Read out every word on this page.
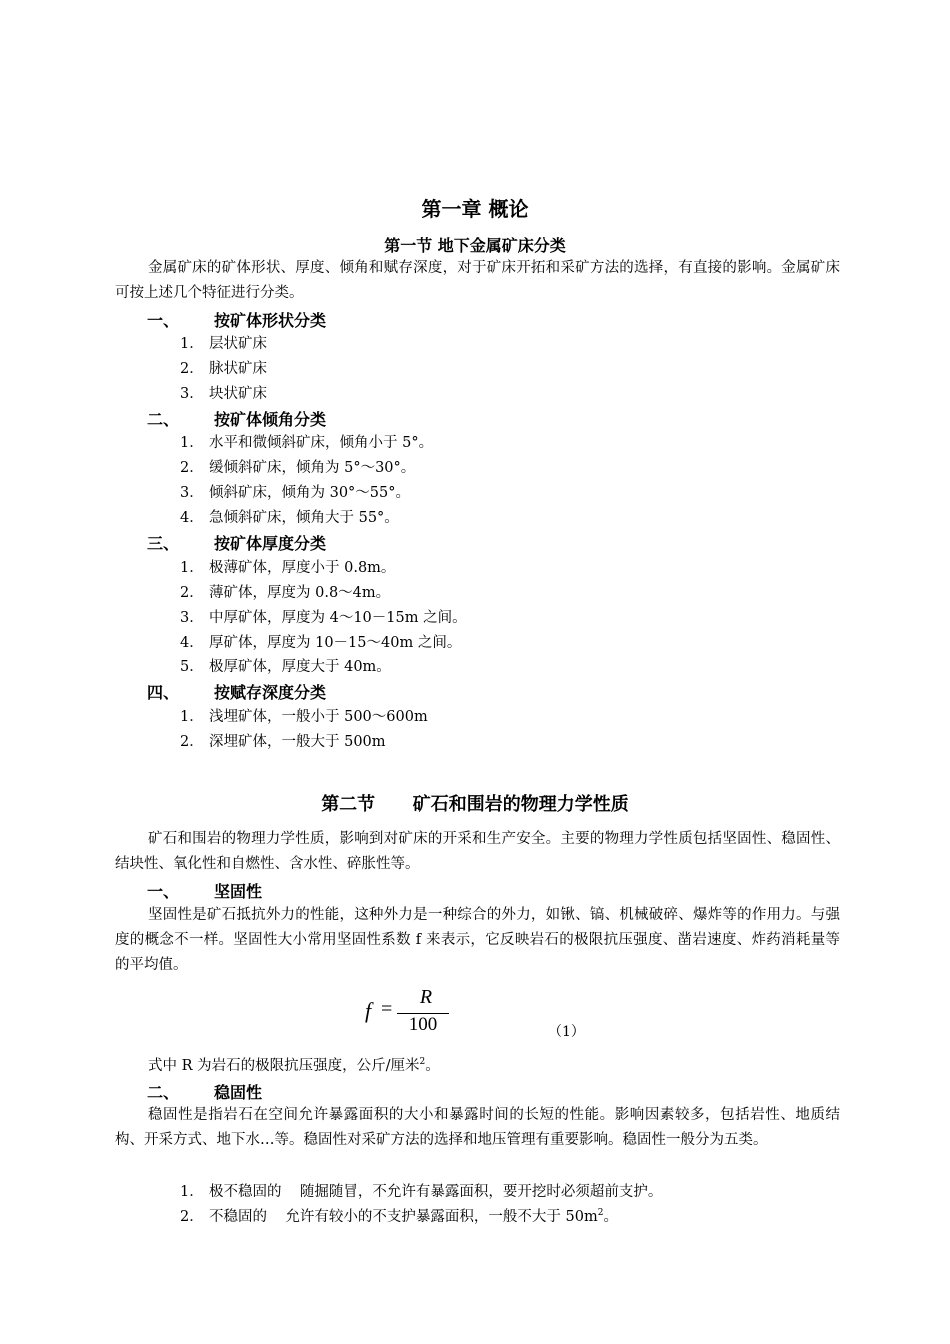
第一章 概论
第一节 地下金属矿床分类
金属矿床的矿体形状、厚度、倾角和赋存深度，对于矿床开拓和采矿方法的选择，有直接的影响。金属矿床可按上述几个特征进行分类。
一、 按矿体形状分类
1． 层状矿床
2． 脉状矿床
3． 块状矿床
二、 按矿体倾角分类
1． 水平和微倾斜矿床，倾角小于 5°。
2． 缓倾斜矿床，倾角为 5°～30°。
3． 倾斜矿床，倾角为 30°～55°。
4． 急倾斜矿床，倾角大于 55°。
三、 按矿体厚度分类
1． 极薄矿体，厚度小于 0.8m。
2． 薄矿体，厚度为 0.8～4m。
3． 中厚矿体，厚度为 4～10－15m 之间。
4． 厚矿体，厚度为 10－15～40m 之间。
5． 极厚矿体，厚度大于 40m。
四、 按赋存深度分类
1． 浅埋矿体，一般小于 500～600m
2． 深埋矿体，一般大于 500m
第二节      矿石和围岩的物理力学性质
矿石和围岩的物理力学性质，影响到对矿床的开采和生产安全。主要的物理力学性质包括坚固性、稳固性、结块性、氧化性和自燃性、含水性、碎胀性等。
一、 坚固性
坚固性是矿石抵抗外力的性能，这种外力是一种综合的外力，如锹、镐、机械破碎、爆炸等的作用力。与强度的概念不一样。坚固性大小常用坚固性系数 f 来表示，它反映岩石的极限抗压强度、凿岩速度、炸药消耗量等的平均值。
f =
R
100	（1）
式中 R 为岩石的极限抗压强度，公斤/厘米$^2$。
二、 稳固性
稳固性是指岩石在空间允许暴露面积的大小和暴露时间的长短的性能。影响因素较多，包括岩性、地质结构、开采方式、地下水…等。稳固性对采矿方法的选择和地压管理有重要影响。稳固性一般分为五类。
1． 极不稳固的    随掘随冒，不允许有暴露面积，要开挖时必须超前支护。
2． 不稳固的    允许有较小的不支护暴露面积，一般不大于 $50m^2$。
